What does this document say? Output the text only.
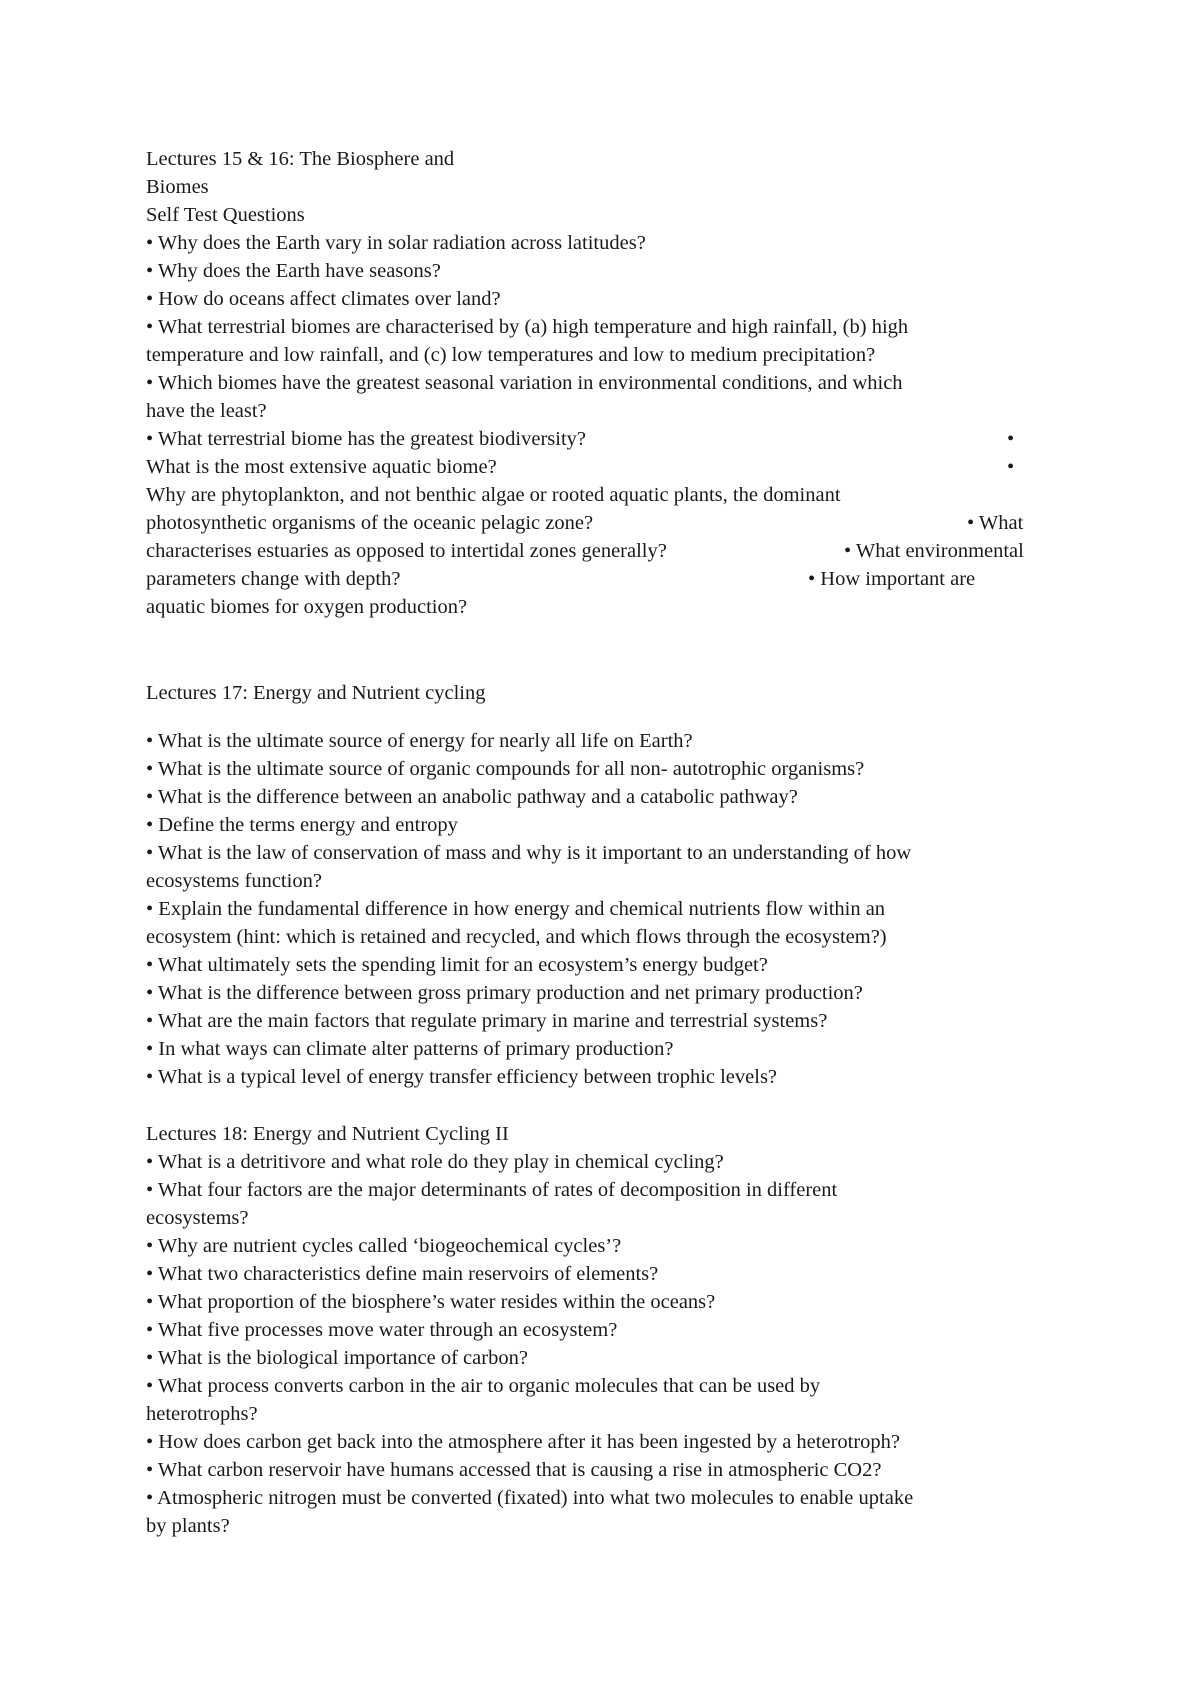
Lectures 15 & 16: The Biosphere and
Biomes
Self Test Questions
• Why does the Earth vary in solar radiation across latitudes?
• Why does the Earth have seasons?
• How do oceans affect climates over land?
• What terrestrial biomes are characterised by (a) high temperature and high rainfall, (b) high
temperature and low rainfall, and (c) low temperatures and low to medium precipitation?
• Which biomes have the greatest seasonal variation in environmental conditions, and which
have the least?
• What terrestrial biome has the greatest biodiversity?	•
What is the most extensive aquatic biome?	•
Why are phytoplankton, and not benthic algae or rooted aquatic plants, the dominant
photosynthetic organisms of the oceanic pelagic zone?	• What
characterises estuaries as opposed to intertidal zones generally?	• What environmental
parameters change with depth?	• How important are
aquatic biomes for oxygen production?
Lectures 17: Energy and Nutrient cycling
• What is the ultimate source of energy for nearly all life on Earth?
• What is the ultimate source of organic compounds for all non- autotrophic organisms?
• What is the difference between an anabolic pathway and a catabolic pathway?
• Define the terms energy and entropy
• What is the law of conservation of mass and why is it important to an understanding of how
ecosystems function?
• Explain the fundamental difference in how energy and chemical nutrients flow within an
ecosystem (hint: which is retained and recycled, and which flows through the ecosystem?)
• What ultimately sets the spending limit for an ecosystem’s energy budget?
• What is the difference between gross primary production and net primary production?
• What are the main factors that regulate primary in marine and terrestrial systems?
• In what ways can climate alter patterns of primary production?
• What is a typical level of energy transfer efficiency between trophic levels?
Lectures 18: Energy and Nutrient Cycling II
• What is a detritivore and what role do they play in chemical cycling?
• What four factors are the major determinants of rates of decomposition in different
ecosystems?
• Why are nutrient cycles called ‘biogeochemical cycles’?
• What two characteristics define main reservoirs of elements?
• What proportion of the biosphere’s water resides within the oceans?
• What five processes move water through an ecosystem?
• What is the biological importance of carbon?
• What process converts carbon in the air to organic molecules that can be used by
heterotrophs?
• How does carbon get back into the atmosphere after it has been ingested by a heterotroph?
• What carbon reservoir have humans accessed that is causing a rise in atmospheric CO2?
• Atmospheric nitrogen must be converted (fixated) into what two molecules to enable uptake
by plants?
